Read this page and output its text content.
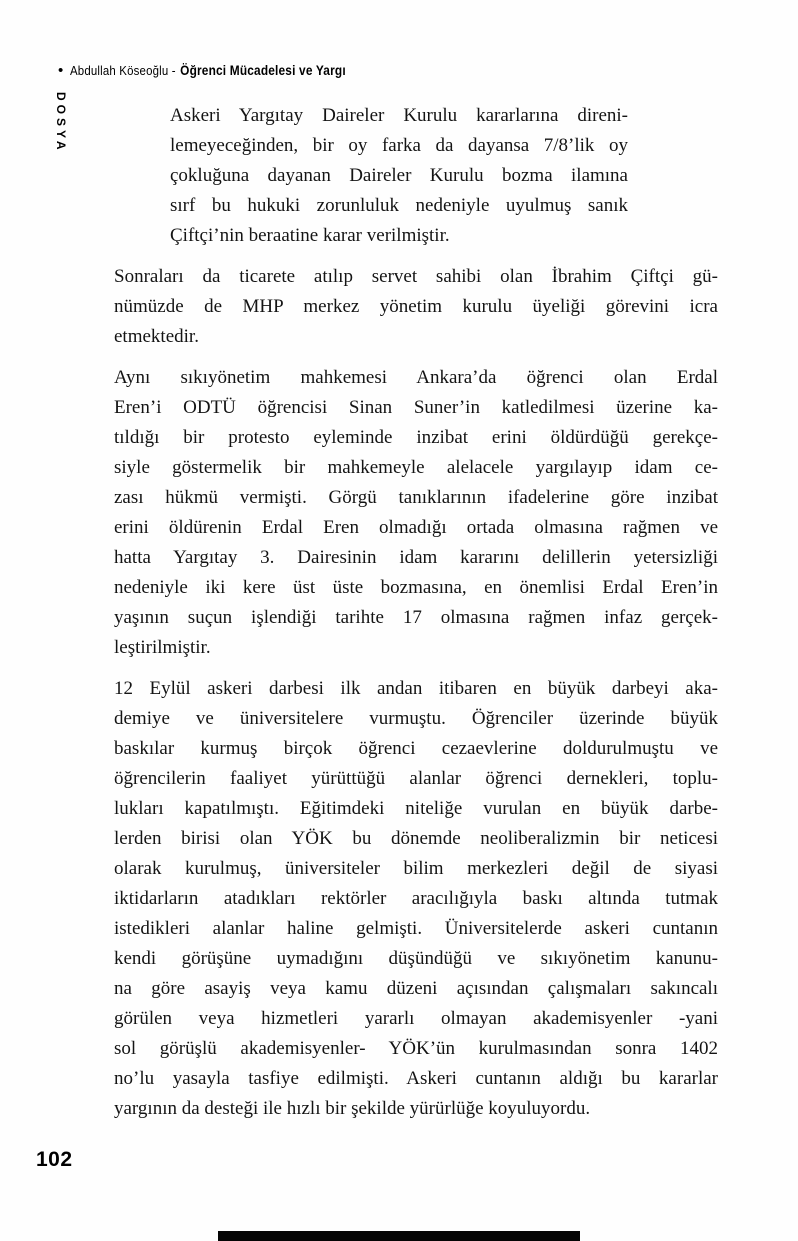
• Abdullah Köseoğlu - Öğrenci Mücadelesi ve Yargı
DOSYA	Askeri Yargıtay Daireler Kurulu kararlarına direni-
lemeyeceğinden, bir oy farka da dayansa 7/8’lik oy
çokluğuna dayanan Daireler Kurulu bozma ilamına
sırf bu hukuki zorunluluk nedeniyle uyulmuş sanık
Çiftçi’nin beraatine karar verilmiştir.
Sonraları da ticarete atılıp servet sahibi olan İbrahim Çiftçi gü-
nümüzde de MHP merkez yönetim kurulu üyeliği görevini icra
etmektedir.
Aynı sıkıyönetim mahkemesi Ankara’da öğrenci olan Erdal
Eren’i ODTÜ öğrencisi Sinan Suner’in katledilmesi üzerine ka-
tıldığı bir protesto eyleminde inzibat erini öldürdüğü gerekçe-
siyle göstermelik bir mahkemeyle alelacele yargılayıp idam ce-
zası hükmü vermişti. Görgü tanıklarının ifadelerine göre inzibat
erini öldürenin Erdal Eren olmadığı ortada olmasına rağmen ve
hatta Yargıtay 3. Dairesinin idam kararını delillerin yetersizliği
nedeniyle iki kere üst üste bozmasına, en önemlisi Erdal Eren’in
yaşının suçun işlendiği tarihte 17 olmasına rağmen infaz gerçek-
leştirilmiştir.
12 Eylül askeri darbesi ilk andan itibaren en büyük darbeyi aka-
demiye ve üniversitelere vurmuştu. Öğrenciler üzerinde büyük
baskılar kurmuş birçok öğrenci cezaevlerine doldurulmuştu ve
öğrencilerin faaliyet yürüttüğü alanlar öğrenci dernekleri, toplu-
lukları kapatılmıştı. Eğitimdeki niteliğe vurulan en büyük darbe-
lerden birisi olan YÖK bu dönemde neoliberalizmin bir neticesi
olarak kurulmuş, üniversiteler bilim merkezleri değil de siyasi
iktidarların atadıkları rektörler aracılığıyla baskı altında tutmak
istedikleri alanlar haline gelmişti. Üniversitelerde askeri cuntanın
kendi görüşüne uymadığını düşündüğü ve sıkıyönetim kanunu-
na göre asayiş veya kamu düzeni açısından çalışmaları sakıncalı
görülen veya hizmetleri yararlı olmayan akademisyenler -yani
sol görüşlü akademisyenler- YÖK’ün kurulmasından sonra 1402
no’lu yasayla tasfiye edilmişti. Askeri cuntanın aldığı bu kararlar
yargının da desteği ile hızlı bir şekilde yürürlüğe koyuluyordu.
102
